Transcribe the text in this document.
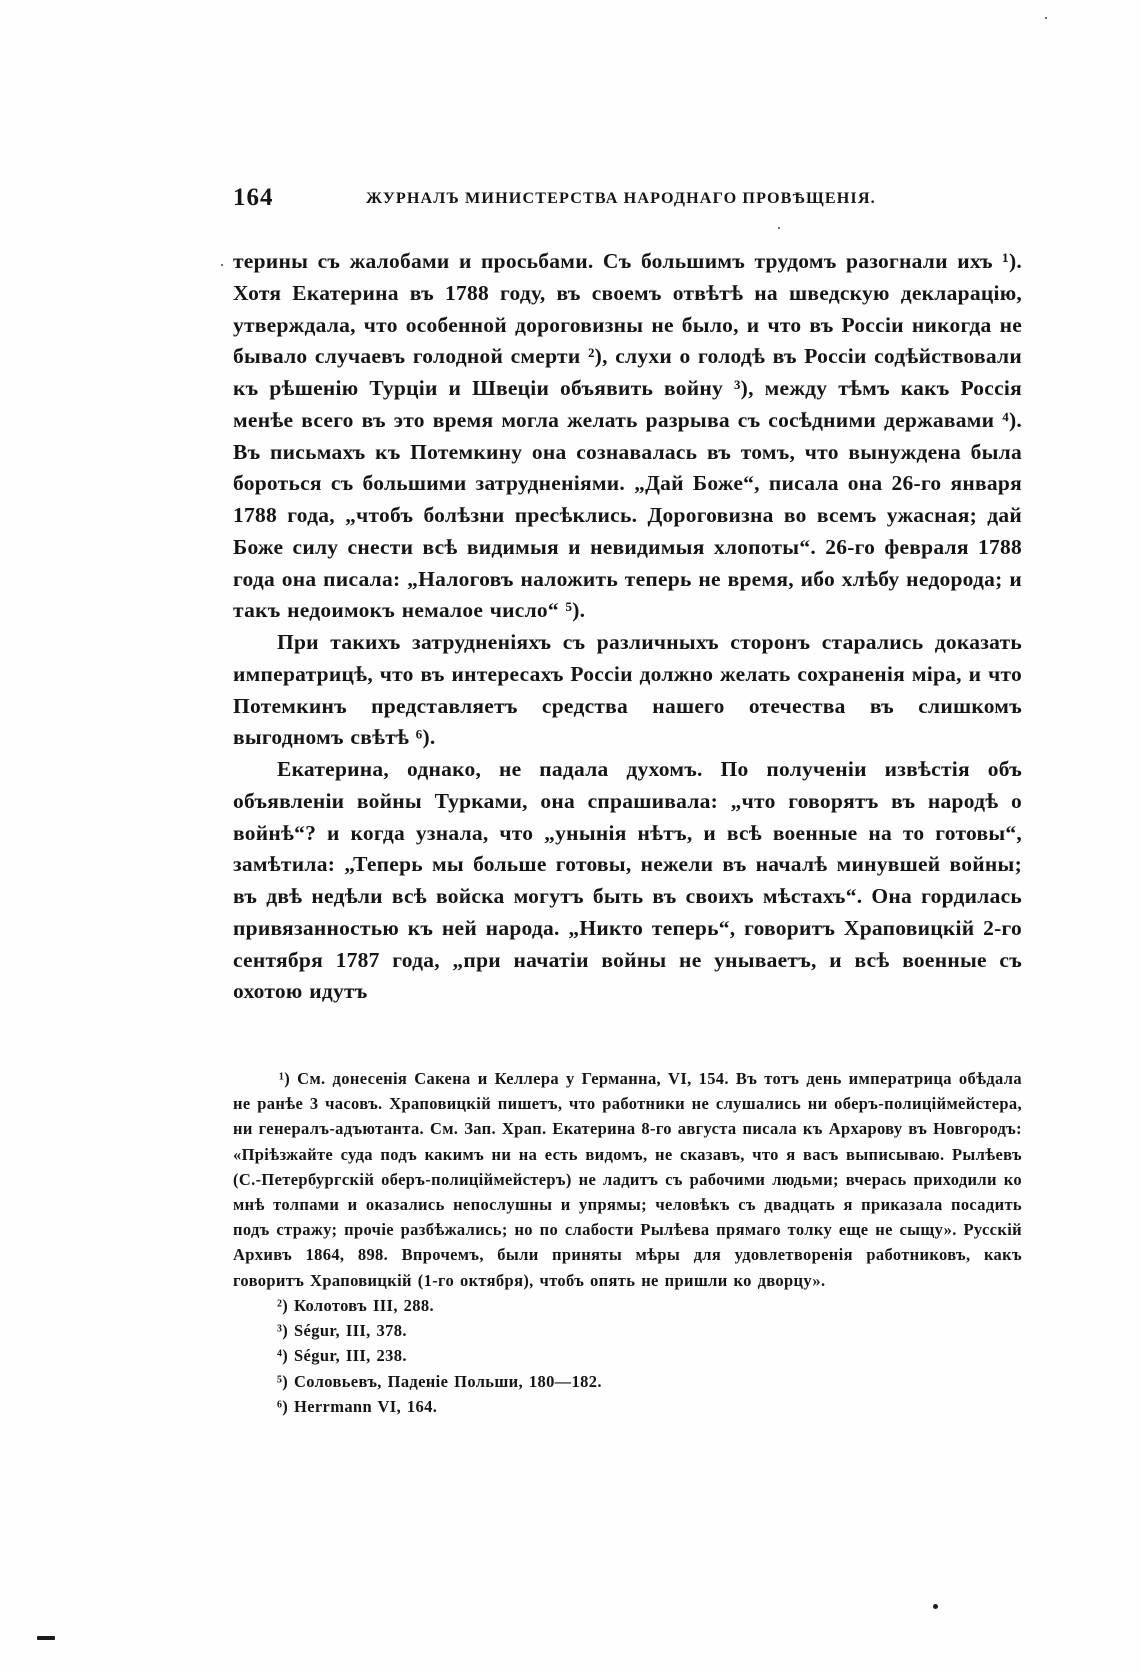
164	ЖУРНАЛЪ МИНИСТЕРСТВА НАРОДНАГО ПРОВѢЩЕНІЯ.

терины съ жалобами и просьбами. Съ большимъ трудомъ разогнали ихъ ¹). Хотя Екатерина въ 1788 году, въ своемъ отвѣтѣ на шведскую декларацію, утверждала, что особенной дороговизны не было, и что въ Россіи никогда не бывало случаевъ голодной смерти ²), слухи о голодѣ въ Россіи содѣйствовали къ рѣшенію Турціи и Швеціи объявить войну ³), между тѣмъ какъ Россія менѣе всего въ это время могла желать разрыва съ сосѣдними державами ⁴). Въ письмахъ къ Потемкину она сознавалась въ томъ, что вынуждена была бороться съ большими затрудненіями. „Дай Боже“, писала она 26-го января 1788 года, „чтобъ болѣзни пресѣклись. Дороговизна во всемъ ужасная; дай Боже силу снести всѣ видимыя и невидимыя хлопоты“. 26-го февраля 1788 года она писала: „Налоговъ наложить теперь не время, ибо хлѣбу недорода; и такъ недоимокъ немалое число“ ⁵).

При такихъ затрудненіяхъ съ различныхъ сторонъ старались доказать императрицѣ, что въ интересахъ Россіи должно желать сохраненія міра, и что Потемкинъ представляетъ средства нашего отечества въ слишкомъ выгодномъ свѣтѣ ⁶).

Екатерина, однако, не падала духомъ. По полученіи извѣстія объ объявленіи войны Турками, она спрашивала: „что говорятъ въ народѣ о войнѣ“? и когда узнала, что „унынія нѣтъ, и всѣ военные на то готовы“, замѣтила: „Теперь мы больше готовы, нежели въ началѣ минувшей войны; въ двѣ недѣли всѣ войска могутъ быть въ своихъ мѣстахъ“. Она гордилась привязанностью къ ней народа. „Никто теперь“, говоритъ Храповицкій 2-го сентября 1787 года, „при начатіи войны не унываетъ, и всѣ военные съ охотою идутъ

¹) См. донесенія Сакена и Келлера у Германна, VI, 154. Въ тотъ день императрица обѣдала не ранѣе 3 часовъ. Храповицкій пишетъ, что работники не слушались ни оберъ-полиціймейстера, ни генералъ-адъютанта. См. Зап. Храп. Екатерина 8-го августа писала къ Архарову въ Новгородъ: «Пріѣзжайте суда подъ какимъ ни на есть видомъ, не сказавъ, что я васъ выписываю. Рылѣевъ (С.-Петербургскій оберъ-полиціймейстеръ) не ладитъ съ рабочими людьми; вчерась приходили ко мнѣ толпами и оказались непослушны и упрямы; человѣкъ съ двадцать я приказала посадить подъ стражу; прочіе разбѣжались; но по слабости Рылѣева прямаго толку еще не сыщу». Русскій Архивъ 1864, 898. Впрочемъ, были приняты мѣры для удовлетворенія работниковъ, какъ говоритъ Храповицкій (1-го октября), чтобъ опять не пришли ко дворцу».

²) Колотовъ III, 288.

³) Ségur, III, 378.

⁴) Ségur, III, 238.

⁵) Соловьевъ, Паденіе Польши, 180—182.

⁶) Herrmann VI, 164.
